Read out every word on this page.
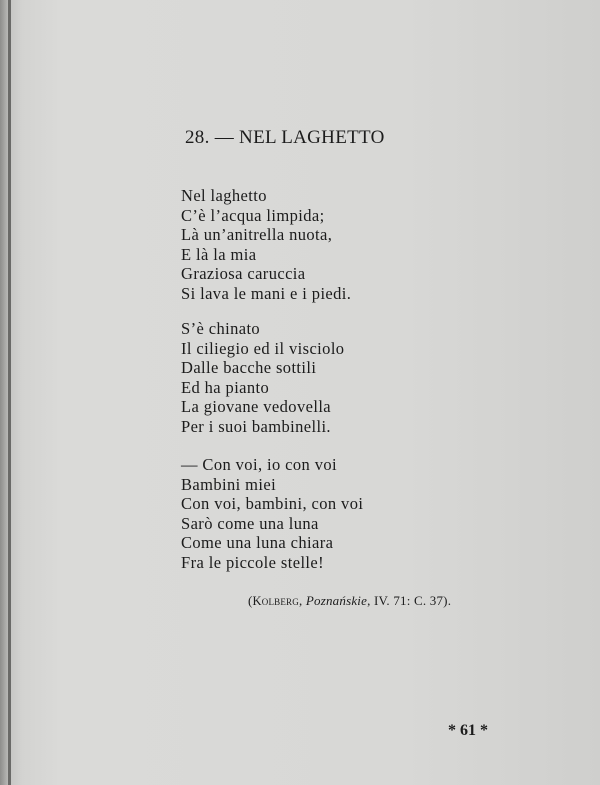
28. — NEL LAGHETTO
Nel laghetto
C’è l’acqua limpida;
Là un’anitrella nuota,
E là la mia
Graziosa caruccia
Si lava le mani e i piedi.
S’è chinato
Il ciliegio ed il visciolo
Dalle bacche sottili
Ed ha pianto
La giovane vedovella
Per i suoi bambinelli.
— Con voi, io con voi
Bambini miei
Con voi, bambini, con voi
Sarò come una luna
Come una luna chiara
Fra le piccole stelle!
(Kolberg, Poznańskie, IV. 71: C. 37).
* 61 *
